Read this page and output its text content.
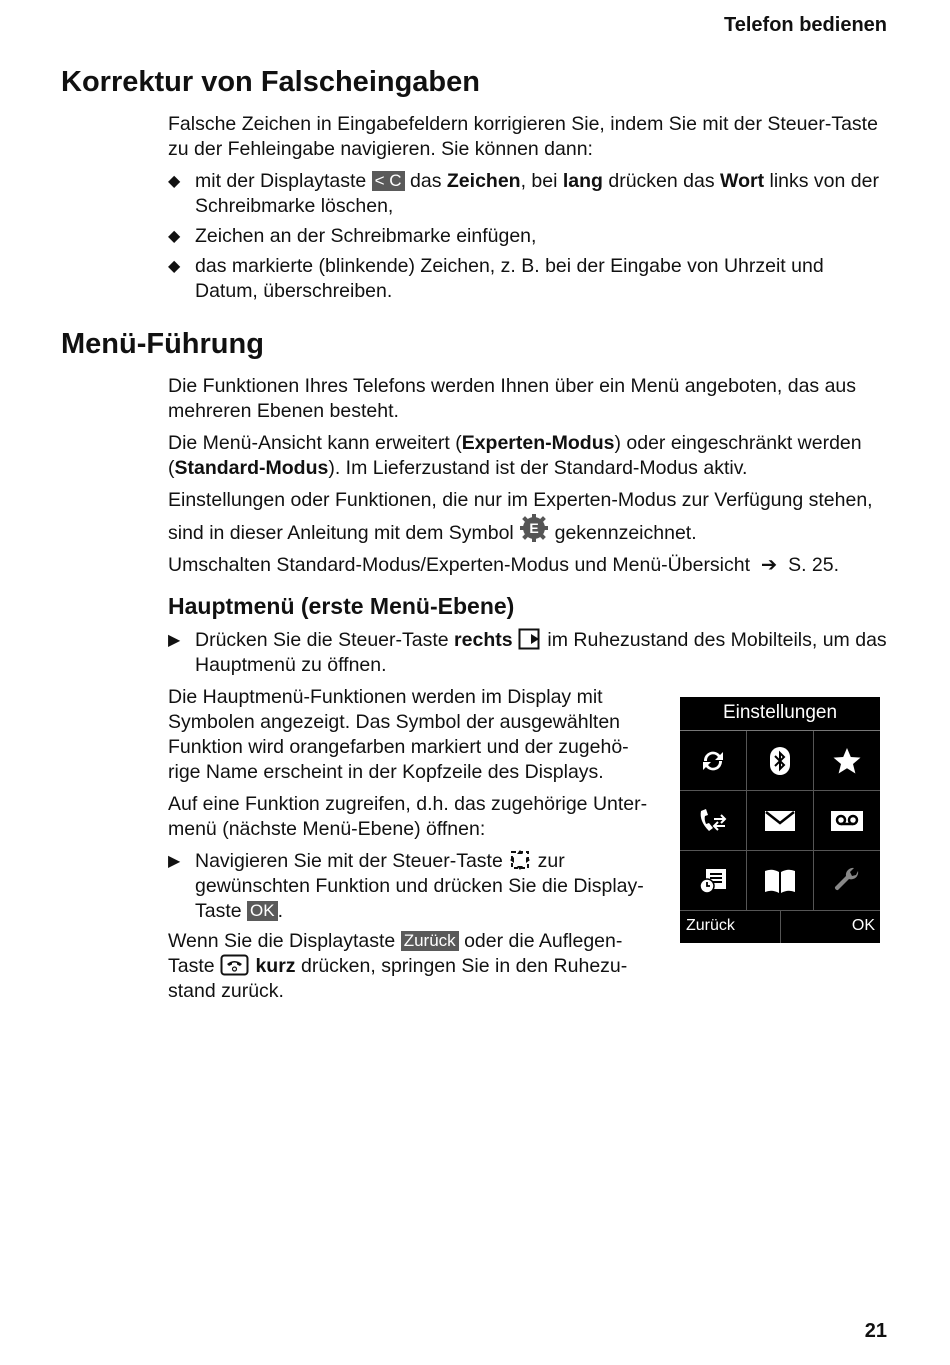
Telefon bedienen
Korrektur von Falscheingaben

Falsche Zeichen in Eingabefeldern korrigieren Sie, indem Sie mit der Steuer-Taste zu der Fehleingabe navigieren. Sie können dann:

◆ mit der Displaytaste < C das Zeichen, bei lang drücken das Wort links von der Schreibmarke löschen,
◆ Zeichen an der Schreibmarke einfügen,
◆ das markierte (blinkende) Zeichen, z. B. bei der Eingabe von Uhrzeit und Datum, überschreiben.
Menü-Führung

Die Funktionen Ihres Telefons werden Ihnen über ein Menü angeboten, das aus mehreren Ebenen besteht.

Die Menü-Ansicht kann erweitert (Experten-Modus) oder eingeschränkt werden (Standard-Modus). Im Lieferzustand ist der Standard-Modus aktiv.

Einstellungen oder Funktionen, die nur im Experten-Modus zur Verfügung stehen, sind in dieser Anleitung mit dem Symbol E gekennzeichnet.

Umschalten Standard-Modus/Experten-Modus und Menü-Übersicht ➔ S. 25.

Hauptmenü (erste Menü-Ebene)
▶ Drücken Sie die Steuer-Taste rechts im Ruhezustand des Mobilteils, um das Hauptmenü zu öffnen.

Die Hauptmenü-Funktionen werden im Display mit Symbolen angezeigt. Das Symbol der ausgewählten Funktion wird orangefarben markiert und der zugehö-rige Name erscheint in der Kopfzeile des Displays.

Auf eine Funktion zugreifen, d.h. das zugehörige Unter-menü (nächste Menü-Ebene) öffnen:

▶ Navigieren Sie mit der Steuer-Taste zur gewünschten Funktion und drücken Sie die Display-Taste OK .

Wenn Sie die Displaytaste Zurück oder die Auflegen-Taste kurz drücken, springen Sie in den Ruhezu-stand zurück.

Einstellungen
Zurück	OK
21
